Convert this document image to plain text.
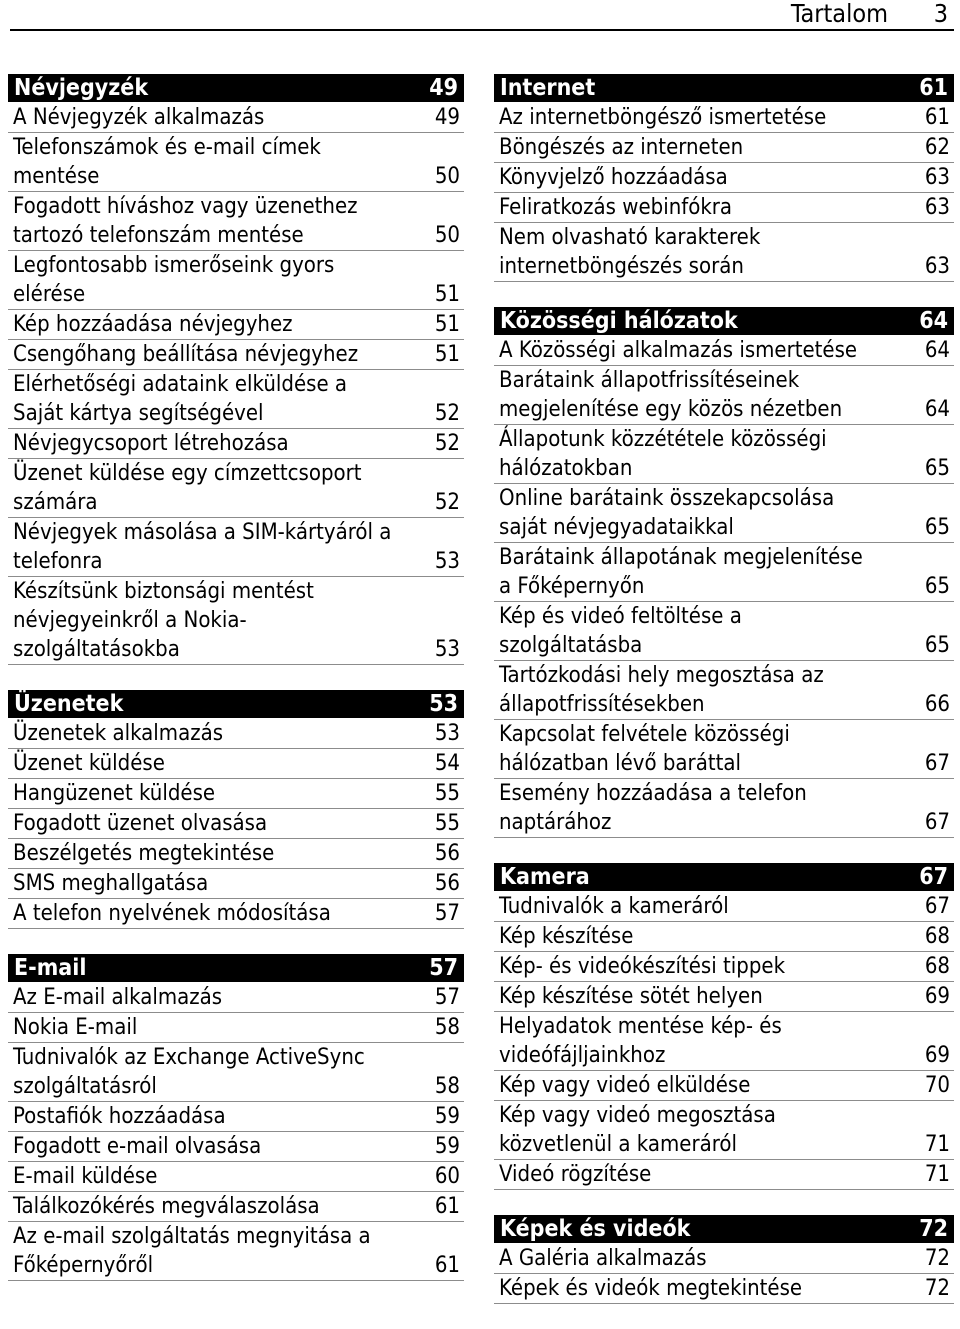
Tartalom 3
Névjegyzék	49
A Névjegyzék alkalmazás	49
Telefonszámok és e-mail címek
mentése	50
Fogadott híváshoz vagy üzenethez
tartozó telefonszám mentése	50
Legfontosabb ismerőseink gyors
elérése	51
Kép hozzáadása névjegyhez	51
Csengőhang beállítása névjegyhez	51
Elérhetőségi adataink elküldése a
Saját kártya segítségével	52
Névjegycsoport létrehozása	52
Üzenet küldése egy címzettcsoport
számára	52
Névjegyek másolása a SIM-kártyáról a
telefonra	53
Készítsünk biztonsági mentést
névjegyeinkről a Nokia-
szolgáltatásokba	53
Üzenetek	53
Üzenetek alkalmazás	53
Üzenet küldése	54
Hangüzenet küldése	55
Fogadott üzenet olvasása	55
Beszélgetés megtekintése	56
SMS meghallgatása	56
A telefon nyelvének módosítása	57
E-mail	57
Az E-mail alkalmazás	57
Nokia E-mail	58
Tudnivalók az Exchange ActiveSync
szolgáltatásról	58
Postafiók hozzáadása	59
Fogadott e-mail olvasása	59
E-mail küldése	60
Találkozókérés megválaszolása	61
Az e-mail szolgáltatás megnyitása a
Főképernyőről	61
Internet	61
Az internetböngésző ismertetése	61
Böngészés az interneten	62
Könyvjelző hozzáadása	63
Feliratkozás webinfókra	63
Nem olvasható karakterek
internetböngészés során	63
Közösségi hálózatok	64
A Közösségi alkalmazás ismertetése	64
Barátaink állapotfrissítéseinek
megjelenítése egy közös nézetben	64
Állapotunk közzététele közösségi
hálózatokban	65
Online barátaink összekapcsolása
saját névjegyadataikkal	65
Barátaink állapotának megjelenítése
a Főképernyőn	65
Kép és videó feltöltése a
szolgáltatásba	65
Tartózkodási hely megosztása az
állapotfrissítésekben	66
Kapcsolat felvétele közösségi
hálózatban lévő baráttal	67
Esemény hozzáadása a telefon
naptárához	67
Kamera	67
Tudnivalók a kameráról	67
Kép készítése	68
Kép- és videókészítési tippek	68
Kép készítése sötét helyen	69
Helyadatok mentése kép- és
videófájljainkhoz	69
Kép vagy videó elküldése	70
Kép vagy videó megosztása
közvetlenül a kameráról	71
Videó rögzítése	71
Képek és videók	72
A Galéria alkalmazás	72
Képek és videók megtekintése	72
